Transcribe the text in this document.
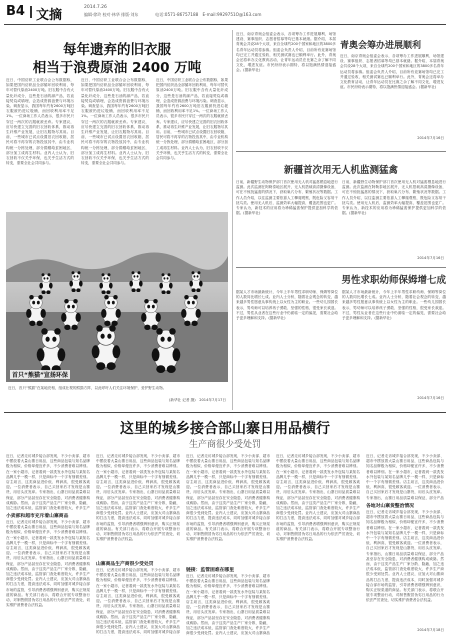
B4 文摘
2014.7.26
编辑·徐玲 校对·林华 排版·刘东	电话:0571-86757188　E-mail:9929751O@163.com
每年遗弃的旧衣服
相当于浪费原油 2400 万吨
近日，中国纺织工业联合会公布数据称，如果把国内纺织品全部循环回收利用，每年可替代原油2400万吨。旧衣服中含有大量化纤成分，这些是石油的副产品，若直接焚烧或填埋，会造成资源浪费与环境污染。调查显示，我国每年约有2600万吨旧衣服被扔进垃圾桶，而回收利用率不足1%。一位商场工作人员表示，很多市民只穿过一两次的衣服就被丢弃。专家建议，应尽快建立完善的旧衣回收体系，推动再生纤维产业发展，让旧衣服物尽其用。目前，一些城市已试点设置旧衣回收箱，居民可将不再穿的衣物投放其中，由专业机构统一分拣处理，部分捐赠给贫困地区，部分加工成再生材料。业内人士认为，旧衣回收不仅关乎环保，也关乎生活方式的转变，需要全社会共同参与。
近日，中国纺织工业联合会公布数据称，如果把国内纺织品全部循环回收利用，每年可替代原油2400万吨。旧衣服中含有大量化纤成分，这些是石油的副产品，若直接焚烧或填埋，会造成资源浪费与环境污染。调查显示，我国每年约有2600万吨旧衣服被扔进垃圾桶，而回收利用率不足1%。一位商场工作人员表示，很多市民只穿过一两次的衣服就被丢弃。专家建议，应尽快建立完善的旧衣回收体系，推动再生纤维产业发展，让旧衣服物尽其用。目前，一些城市已试点设置旧衣回收箱，居民可将不再穿的衣物投放其中，由专业机构统一分拣处理，部分捐赠给贫困地区，部分加工成再生材料。业内人士认为，旧衣回收不仅关乎环保，也关乎生活方式的转变，需要全社会共同参与。
近日，中国纺织工业联合会公布数据称，如果把国内纺织品全部循环回收利用，每年可替代原油2400万吨。旧衣服中含有大量化纤成分，这些是石油的副产品，若直接焚烧或填埋，会造成资源浪费与环境污染。调查显示，我国每年约有2600万吨旧衣服被扔进垃圾桶，而回收利用率不足1%。一位商场工作人员表示，很多市民只穿过一两次的衣服就被丢弃。专家建议，应尽快建立完善的旧衣回收体系，推动再生纤维产业发展，让旧衣服物尽其用。目前，一些城市已试点设置旧衣回收箱，居民可将不再穿的衣物投放其中，由专业机构统一分拣处理，部分捐赠给贫困地区，部分加工成再生材料。业内人士认为，旧衣回收不仅关乎环保，也关乎生活方式的转变，需要全社会共同参与。
首只“熊猫”宣扬环保
近日，首只“熊猫”在某地亮相，组成壮观的熊猫方阵，以此呼吁人们关注环境保护，爱护野生动物。
(新华社 记者 摄)　2014年7月17日
近日，南京青奥会组委会表示，各项筹办工作进展顺利，场馆建设、赛事组织、志愿者招募等均已基本就绪。据介绍，本届青奥会共设28个大项，来自全球约200个国家和地区的3800多名青年运动员将参赛。组委会负责人介绍，目前所有竞赛场馆均已完工并通过验收，相关测试赛也已顺利举行。此外，青奥会还将举办文化教育活动，让青年运动员在比赛之余了解不同文化，增进友谊。市民纷纷表示期待，将以饱满热情迎接盛会。(据新华社)
青奥会筹办进展顺利
近日，南京青奥会组委会表示，各项筹办工作进展顺利，场馆建设、赛事组织、志愿者招募等均已基本就绪。据介绍，本届青奥会共设28个大项，来自全球约200个国家和地区的3800多名青年运动员将参赛。组委会负责人介绍，目前所有竞赛场馆均已完工并通过验收，相关测试赛也已顺利举行。此外，青奥会还将举办文化教育活动，让青年运动员在比赛之余了解不同文化，增进友谊。市民纷纷表示期待，将以饱满热情迎接盛会。(据新华社)
2014年7月16日
新疆首次用无人机监测猛禽
日前，新疆野生动物保护部门首次使用无人机对猛禽栖息地进行监测。此次监测在阿勒泰地区展开，无人机搭载高清摄像设备，可在不惊扰猛禽的情况下，获取巢穴分布、繁殖状况等数据。工作人员介绍，以往监测主要依靠人工攀爬观察，既危险又容易干扰鸟类。使用无人机后，监测效率大幅提高，覆盖范围也更广。专家认为，新技术的应用将为珍稀猛禽保护提供更加科学的依据。(据新华社)
日前，新疆野生动物保护部门首次使用无人机对猛禽栖息地进行监测。此次监测在阿勒泰地区展开，无人机搭载高清摄像设备，可在不惊扰猛禽的情况下，获取巢穴分布、繁殖状况等数据。工作人员介绍，以往监测主要依靠人工攀爬观察，既危险又容易干扰鸟类。使用无人机后，监测效率大幅提高，覆盖范围也更广。专家认为，新技术的应用将为珍稀猛禽保护提供更加科学的依据。(据新华社)
2014年7月16日
男性求职幼师保姆增七成
据某人才市场最新统计，今年上半年男性求职幼师、保姆等岗位的人数同比增长七成。业内人士分析，随着社会观念的转变，越来越多男性愿意从事传统上以女性为主的职业。一些幼儿园园长表示，男幼师可以培养孩子勇敢、坚强的性格，很受家长欢迎。不过，男性从业者在这些行业中仍面临一定的偏见，需要社会给予更多理解和支持。(据新华社)
据某人才市场最新统计，今年上半年男性求职幼师、保姆等岗位的人数同比增长七成。业内人士分析，随着社会观念的转变，越来越多男性愿意从事传统上以女性为主的职业。一些幼儿园园长表示，男幼师可以培养孩子勇敢、坚强的性格，很受家长欢迎。不过，男性从业者在这些行业中仍面临一定的偏见，需要社会给予更多理解和支持。(据新华社)
2014年7月16日
这里的城乡接合部山寨日用品横行
生产商很少受处罚
近日，记者走访城乡接合部发现，不少小卖部、超市中摆放着大量山寨日用品，这些商品包装与知名品牌极为相似，价格却便宜许多，不少消费者难以辨别。在一家小超市，记者看到一款洗发水外包装与某知名品牌几乎一模一样，只是商标中一个字有细微差别。店主坦言，这类商品进价低、利润高，很受顾客欢迎。一位消费者表示，自己买回家后才发现是山寨货，用后头皮发痒。专家指出，山寨日用品质量难以保证，部分产品甚至存在安全隐患，对消费者健康构成威胁。然而，由于这类产品生产厂家分散、隐蔽，加之违法成本低，监管部门查处难度较大，许多生产
小卖部和超市充斥着山寨商品
近日，记者走访城乡接合部发现，不少小卖部、超市中摆放着大量山寨日用品，这些商品包装与知名品牌极为相似，价格却便宜许多，不少消费者难以辨别。在一家小超市，记者看到一款洗发水外包装与某知名品牌几乎一模一样，只是商标中一个字有细微差别。店主坦言，这类商品进价低、利润高，很受顾客欢迎。一位消费者表示，自己买回家后才发现是山寨货，用后头皮发痒。专家指出，山寨日用品质量难以保证，部分产品甚至存在安全隐患，对消费者健康构成威胁。然而，由于这类产品生产厂家分散、隐蔽，加之违法成本低，监管部门查处难度较大，许多生产商很少受到处罚。业内人士建议，应加大对山寨商品的打击力度，提高违法成本，同时加强对城乡接合部市场的监管，引导消费者增强辨别意识，购买正规渠道的商品。有关部门表示，将联合开展专项整治行动，对制售假冒伪劣日用品的行为依法严厉查处，切实维护消费者合法权益。
近日，记者走访城乡接合部发现，不少小卖部、超市中摆放着大量山寨日用品，这些商品包装与知名品牌极为相似，价格却便宜许多，不少消费者难以辨别。在一家小超市，记者看到一款洗发水外包装与某知名品牌几乎一模一样，只是商标中一个字有细微差别。店主坦言，这类商品进价低、利润高，很受顾客欢迎。一位消费者表示，自己买回家后才发现是山寨货，用后头皮发痒。专家指出，山寨日用品质量难以保证，部分产品甚至存在安全隐患，对消费者健康构成威胁。然而，由于这类产品生产厂家分散、隐蔽，加之违法成本低，监管部门查处难度较大，许多生产商很少受到处罚。业内人士建议，应加大对山寨商品的打击力度，提高违法成本，同时加强对城乡接合部市场的监管，引导消费者增强辨别意识，购买正规渠道的商品。有关部门表示，将联合开展专项整治行动，对制售假冒伪劣日用品的行为依法严厉查处，切实维护消费者合法权益。
山寨商品生产商很少受处罚
近日，记者走访城乡接合部发现，不少小卖部、超市中摆放着大量山寨日用品，这些商品包装与知名品牌极为相似，价格却便宜许多，不少消费者难以辨别。在一家小超市，记者看到一款洗发水外包装与某知名品牌几乎一模一样，只是商标中一个字有细微差别。店主坦言，这类商品进价低、利润高，很受顾客欢迎。一位消费者表示，自己买回家后才发现是山寨货，用后头皮发痒。专家指出，山寨日用品质量难以保证，部分产品甚至存在安全隐患，对消费者健康构成威胁。然而，由于这类产品生产厂家分散、隐蔽，加之违法成本低，监管部门查处难度较大，许多生产商很少受到处罚。业内人士建议，应加大对山寨商品的打击力度，提高违法成本，同时加强对城乡接合部
近日，记者走访城乡接合部发现，不少小卖部、超市中摆放着大量山寨日用品，这些商品包装与知名品牌极为相似，价格却便宜许多，不少消费者难以辨别。在一家小超市，记者看到一款洗发水外包装与某知名品牌几乎一模一样，只是商标中一个字有细微差别。店主坦言，这类商品进价低、利润高，很受顾客欢迎。一位消费者表示，自己买回家后才发现是山寨货，用后头皮发痒。专家指出，山寨日用品质量难以保证，部分产品甚至存在安全隐患，对消费者健康构成威胁。然而，由于这类产品生产厂家分散、隐蔽，加之违法成本低，监管部门查处难度较大，许多生产商很少受到处罚。业内人士建议，应加大对山寨商品的打击力度，提高违法成本，同时加强对城乡接合部市场的监管，引导消费者增强辨别意识，购买正规渠道的商品。有关部门表示，将联合开展专项整治行动，对制售假冒伪劣日用品的行为依法严厉查处，切实维护消费者合法权益。
链接：监管困难在哪里
近日，记者走访城乡接合部发现，不少小卖部、超市中摆放着大量山寨日用品，这些商品包装与知名品牌极为相似，价格却便宜许多，不少消费者难以辨别。在一家小超市，记者看到一款洗发水外包装与某知名品牌几乎一模一样，只是商标中一个字有细微差别。店主坦言，这类商品进价低、利润高，很受顾客欢迎。一位消费者表示，自己买回家后才发现是山寨货，用后头皮发痒。专家指出，山寨日用品质量难以保证，部分产品甚至存在安全隐患，对消费者健康构成威胁。然而，由于这类产品生产厂家分散、隐蔽，加之违法成本低，监管部门查处难度较大，许多生产商很少受到处罚。业内人士建议，应加大对山寨商品
近日，记者走访城乡接合部发现，不少小卖部、超市中摆放着大量山寨日用品，这些商品包装与知名品牌极为相似，价格却便宜许多，不少消费者难以辨别。在一家小超市，记者看到一款洗发水外包装与某知名品牌几乎一模一样，只是商标中一个字有细微差别。店主坦言，这类商品进价低、利润高，很受顾客欢迎。一位消费者表示，自己买回家后才发现是山寨货，用后头皮发痒。专家指出，山寨日用品质量难以保证，部分产品甚至存在安全隐患，对消费者健康构成威胁。然而，由于这类产品生产厂家分散、隐蔽，加之违法成本低，监管部门查处难度较大，许多生产商很少受到处罚。业内人士建议，应加大对山寨商品的打击力度，提高违法成本，同时加强对城乡接合部市场的监管，引导消费者增强辨别意识，购买正规渠道的商品。有关部门表示，将联合开展专项整治行动，对制售假冒伪劣日用品的行为依法严厉查处，切实维护消费者合法权益。
各地对山寨货整治情况
近日，记者走访城乡接合部发现，不少小卖部、超市中摆放着大量山寨日用品，这些商品包装与知名品牌极为相似，价格却便宜许多，不少消费者难以辨别。在一家小超市，记者看到一款洗发水外包装与某知名品牌几乎一模一样，只是商标中一个字有细微差别。店主坦言，这类商品进价低、利润高，很受顾客欢迎。一位消费者表示，自己买回家后才发现是山寨货，用后头皮发痒。专家指出，山寨日用品质量难以保证，部分产品
近日，记者走访城乡接合部发现，不少小卖部、超市中摆放着大量山寨日用品，这些商品包装与知名品牌极为相似，价格却便宜许多，不少消费者难以辨别。在一家小超市，记者看到一款洗发水外包装与某知名品牌几乎一模一样，只是商标中一个字有细微差别。店主坦言，这类商品进价低、利润高，很受顾客欢迎。一位消费者表示，自己买回家后才发现是山寨货，用后头皮发痒。专家指出，山寨日用品质量难以保证，部分产品甚至存在安全隐患，对消费者健康构成威胁。然而，由于这类产品生产厂家分散、隐蔽，加之违法成本低，监管部门查处难度较大，许多生产商很少受到处罚。业内人士建议，应加大对山寨商品的打击力度，提高违法成本，同时加强对城乡接合部市场的监管，引导消费者增强辨别意识，购买正规渠道的商品。有关部门表示，将联合开展专项整治行动，对制售假冒伪劣日用品的行为依法严厉查处，切实维护消费者合法权益。
2014年7月18日
